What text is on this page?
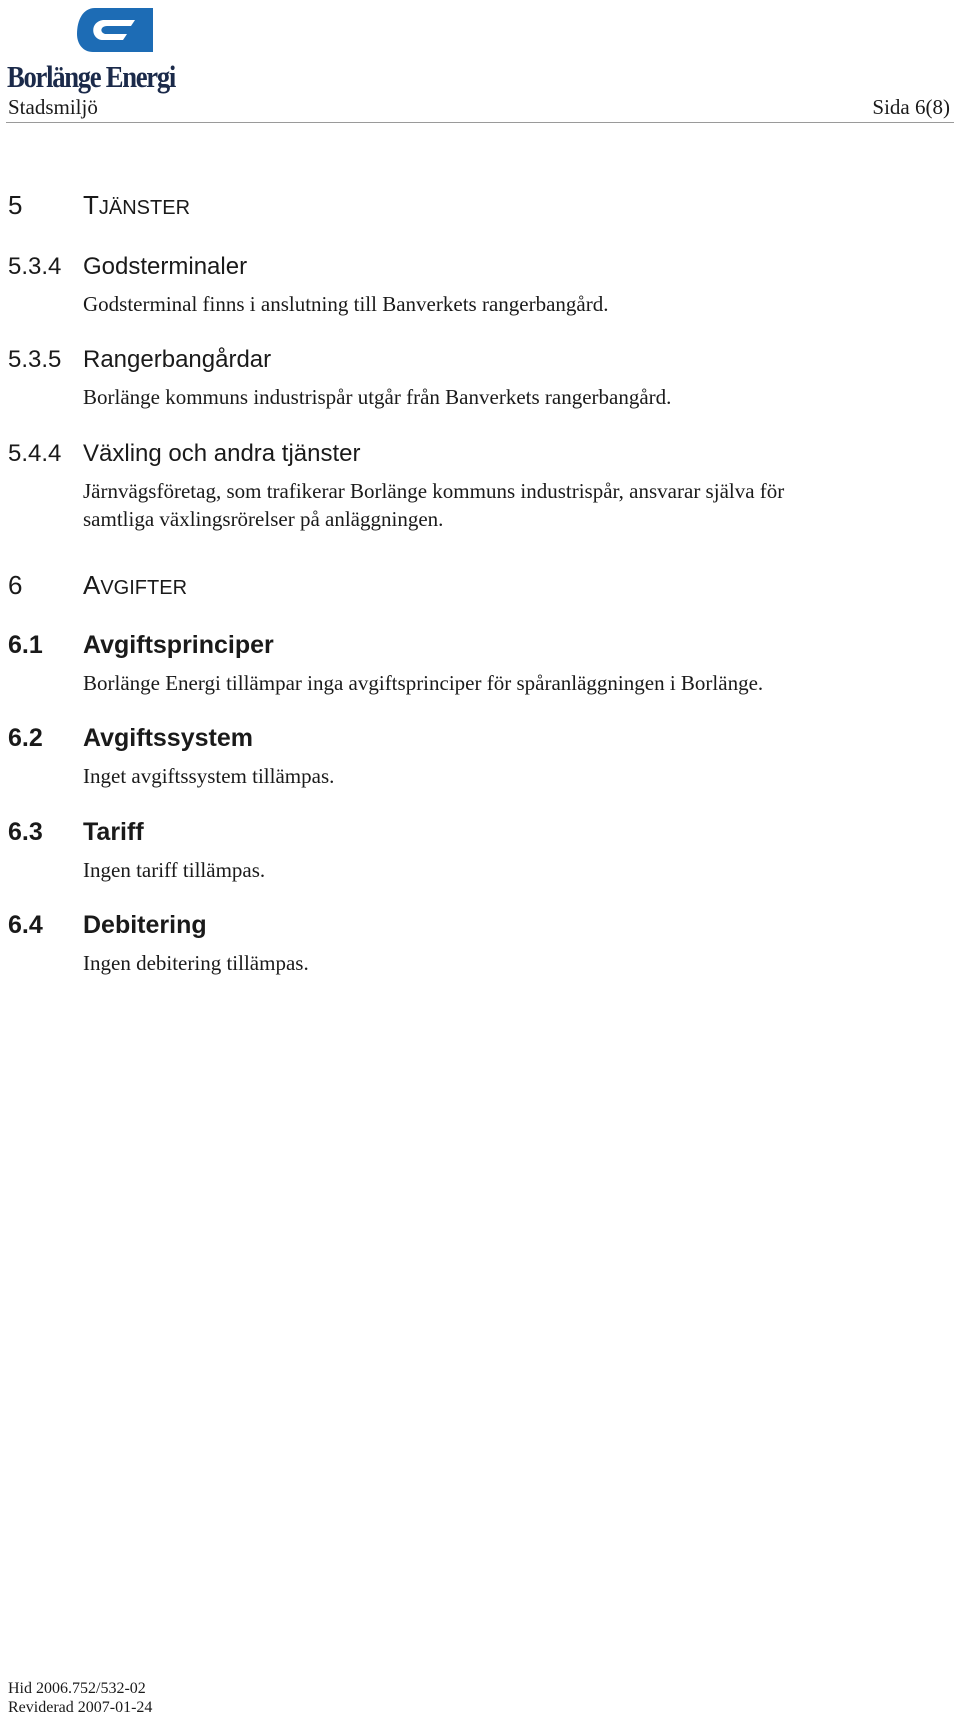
Borlänge Energi
Stadsmiljö	Sida 6(8)
5 TJÄNSTER
5.3.4 Godsterminaler
Godsterminal finns i anslutning till Banverkets rangerbangård.
5.3.5 Rangerbangårdar
Borlänge kommuns industrispår utgår från Banverkets rangerbangård.
5.4.4 Växling och andra tjänster
Järnvägsföretag, som trafikerar Borlänge kommuns industrispår, ansvarar själva för
samtliga växlingsrörelser på anläggningen.
6 AVGIFTER
6.1 Avgiftsprinciper
Borlänge Energi tillämpar inga avgiftsprinciper för spåranläggningen i Borlänge.
6.2 Avgiftssystem
Inget avgiftssystem tillämpas.
6.3 Tariff
Ingen tariff tillämpas.
6.4 Debitering
Ingen debitering tillämpas.
Hid 2006.752/532-02
Reviderad 2007-01-24
